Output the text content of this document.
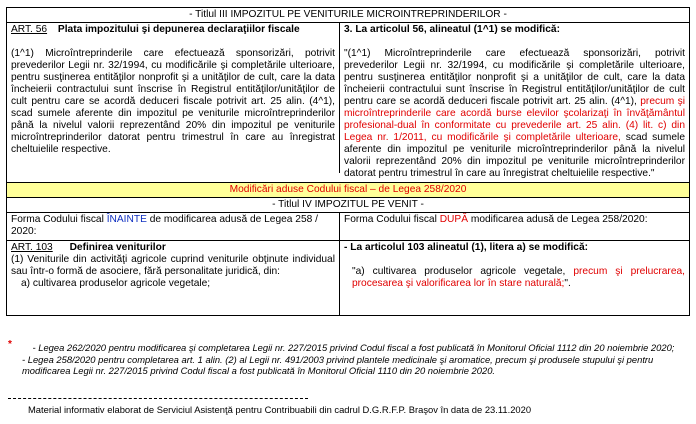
- Titlul III IMPOZITUL PE VENITURILE MICROINTREPRINDERILOR -
ART. 56 Plata impozitului şi depunerea declaraţiilor fiscale
(1^1) Microîntreprinderile care efectuează sponsorizări, potrivit prevederilor Legii nr. 32/1994, cu modificările şi completările ulterioare, pentru susţinerea entităţilor nonprofit şi a unităţilor de cult, care la data încheierii contractului sunt înscrise în Registrul entităţilor/unităţilor de cult pentru care se acordă deduceri fiscale potrivit art. 25 alin. (4^1), scad sumele aferente din impozitul pe veniturile microîntreprinderilor până la nivelul valorii reprezentând 20% din impozitul pe veniturile microîntreprinderilor datorat pentru trimestrul în care au înregistrat cheltuielile respective.
3. La articolul 56, alineatul (1^1) se modifică:
"(1^1) Microîntreprinderile care efectuează sponsorizări, potrivit prevederilor Legii nr. 32/1994, cu modificările şi completările ulterioare, pentru susţinerea entităţilor nonprofit şi a unităţilor de cult, care la data încheierii contractului sunt înscrise în Registrul entităţilor/unităţilor de cult pentru care se acordă deduceri fiscale potrivit art. 25 alin. (4^1), precum şi microîntreprinderile care acordă burse elevilor şcolarizaţi în învăţământul profesional-dual în conformitate cu prevederile art. 25 alin. (4) lit. c) din Legea nr. 1/2011, cu modificările şi completările ulterioare, scad sumele aferente din impozitul pe veniturile microîntreprinderilor până la nivelul valorii reprezentând 20% din impozitul pe veniturile microîntreprinderilor datorat pentru trimestrul în care au înregistrat cheltuielile respective."
Modificări aduse Codului fiscal – de Legea 258/2020
- Titlul IV IMPOZITUL PE VENIT -
Forma Codului fiscal ÎNAINTE de modificarea adusă de Legea 258 / 2020:
Forma Codului fiscal DUPĂ modificarea adusă de Legea 258/2020:
ART. 103 Definirea veniturilor
(1) Veniturile din activităţi agricole cuprind veniturile obţinute individual sau într-o formă de asociere, fără personalitate juridică, din:
a) cultivarea produselor agricole vegetale;
- La articolul 103 alineatul (1), litera a) se modifică:
"a) cultivarea produselor agricole vegetale, precum şi prelucrarea, procesarea şi valorificarea lor în stare naturală;".

* - Legea 262/2020 pentru modificarea şi completarea Legii nr. 227/2015 privind Codul fiscal a fost publicată în Monitorul Oficial 1112 din 20 noiembrie 2020;

- Legea 258/2020 pentru completarea art. 1 alin. (2) al Legii nr. 491/2003 privind plantele medicinale şi aromatice, precum şi produsele stupului şi pentru modificarea Legii nr. 227/2015 privind Codul fiscal a fost publicată în Monitorul Oficial 1110 din 20 noiembrie 2020.

Material informativ elaborat de Serviciul Asistenţă pentru Contribuabili din cadrul D.G.R.F.P. Braşov în data de 23.11.2020
